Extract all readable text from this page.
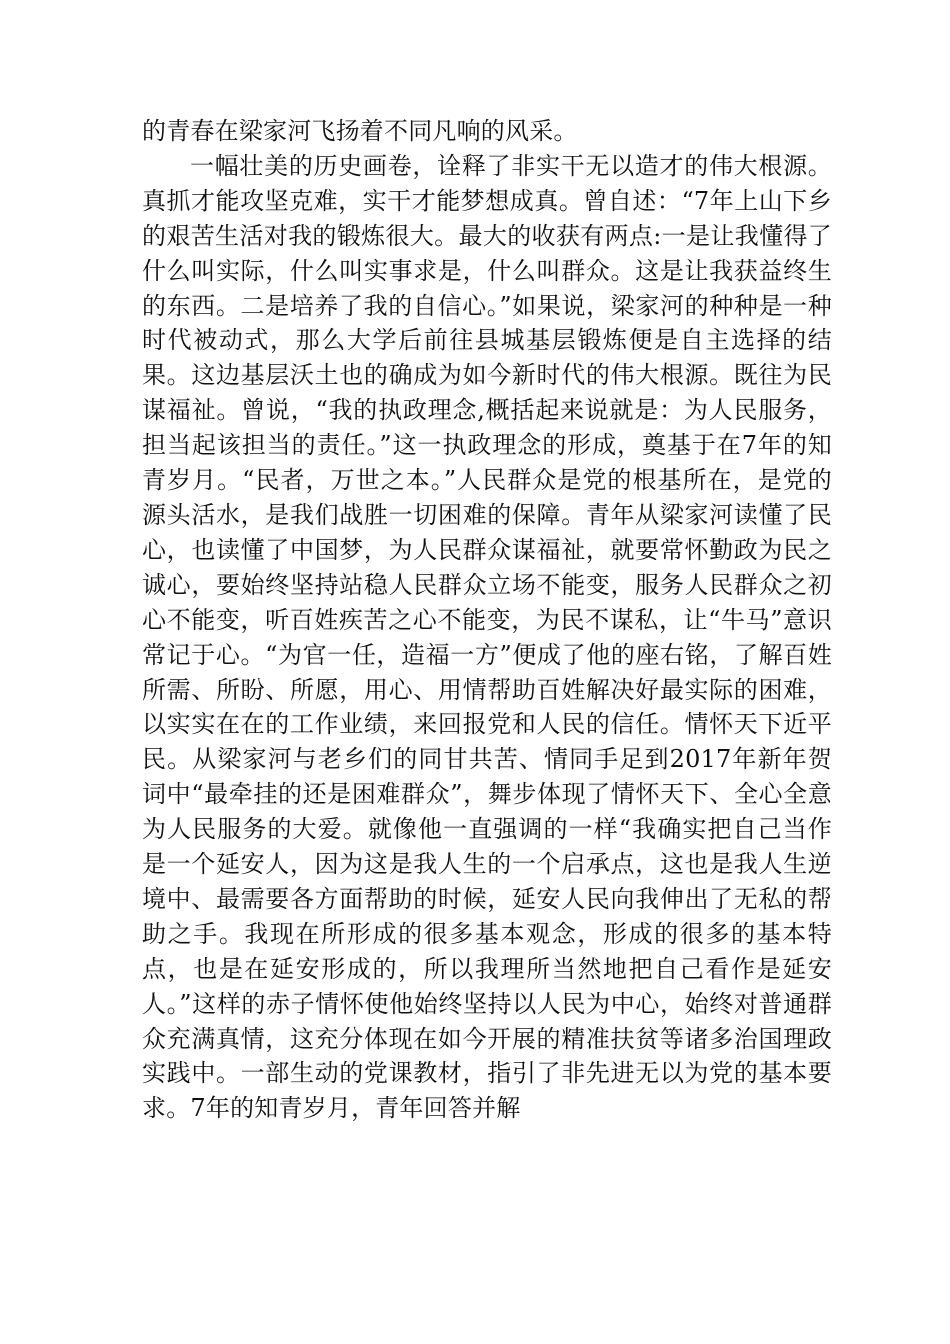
的青春在梁家河飞扬着不同凡响的风采。

一幅壮美的历史画卷，诠释了非实干无以造才的伟大根源。真抓才能攻坚克难，实干才能梦想成真。曾自述：“7年上山下乡的艰苦生活对我的锻炼很大。最大的收获有两点:一是让我懂得了什么叫实际，什么叫实事求是，什么叫群众。这是让我获益终生的东西。二是培养了我的自信心。”如果说，梁家河的种种是一种时代被动式，那么大学后前往县城基层锻炼便是自主选择的结果。这边基层沃土也的确成为如今新时代的伟大根源。既往为民谋福祉。曾说，“我的执政理念,概括起来说就是：为人民服务，担当起该担当的责任。”这一执政理念的形成，奠基于在7年的知青岁月。“民者，万世之本。”人民群众是党的根基所在，是党的源头活水，是我们战胜一切困难的保障。青年从梁家河读懂了民心，也读懂了中国梦，为人民群众谋福祉，就要常怀勤政为民之诚心，要始终坚持站稳人民群众立场不能变，服务人民群众之初心不能变，听百姓疾苦之心不能变，为民不谋私，让“牛马”意识常记于心。“为官一任，造福一方”便成了他的座右铭，了解百姓所需、所盼、所愿，用心、用情帮助百姓解决好最实际的困难，以实实在在的工作业绩，来回报党和人民的信任。情怀天下近平民。从梁家河与老乡们的同甘共苦、情同手足到2017年新年贺词中“最牵挂的还是困难群众”，舞步体现了情怀天下、全心全意为人民服务的大爱。就像他一直强调的一样“我确实把自己当作是一个延安人，因为这是我人生的一个启承点，这也是我人生逆境中、最需要各方面帮助的时候，延安人民向我伸出了无私的帮助之手。我现在所形成的很多基本观念，形成的很多的基本特点，也是在延安形成的，所以我理所当然地把自己看作是延安人。”这样的赤子情怀使他始终坚持以人民为中心，始终对普通群众充满真情，这充分体现在如今开展的精准扶贫等诸多治国理政实践中。一部生动的党课教材，指引了非先进无以为党的基本要求。7年的知青岁月，青年回答并解
